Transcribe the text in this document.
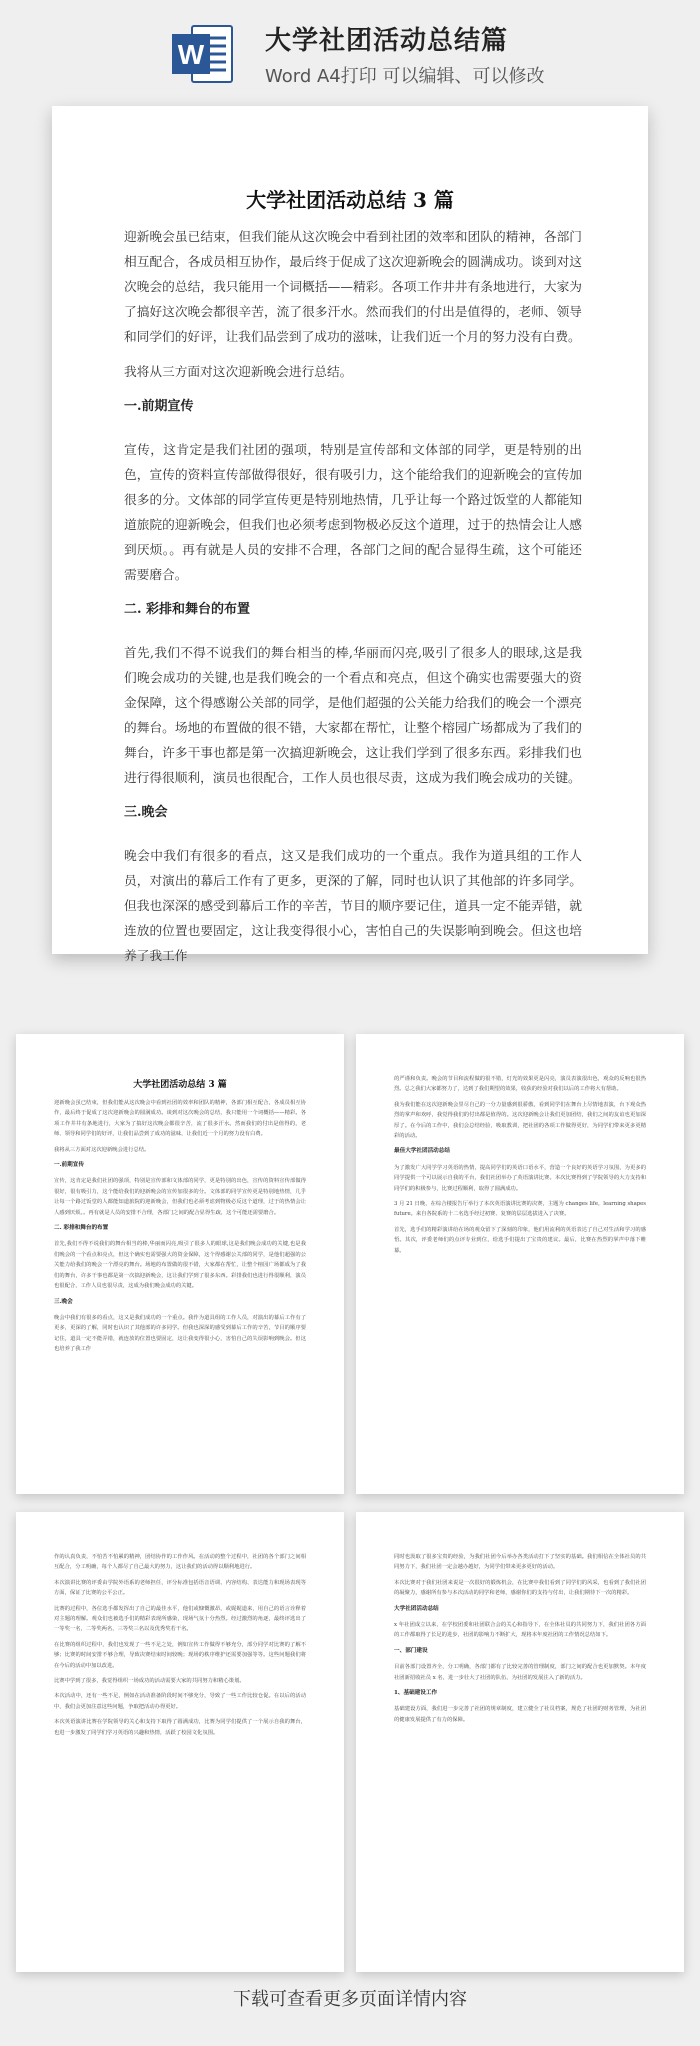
W 大学社团活动总结篇
Word A4打印 可以编辑、可以修改
大学社团活动总结 3 篇

迎新晚会虽已结束，但我们能从这次晚会中看到社团的效率和团队的精神，各部门相互配合，各成员相互协作，最后终于促成了这次迎新晚会的圆满成功。谈到对这次晚会的总结，我只能用一个词概括——精彩。各项工作井井有条地进行，大家为了搞好这次晚会都很辛苦，流了很多汗水。然而我们的付出是值得的，老师、领导和同学们的好评，让我们品尝到了成功的滋味，让我们近一个月的努力没有白费。

我将从三方面对这次迎新晚会进行总结。

一.前期宣传

宣传，这肯定是我们社团的强项，特别是宣传部和文体部的同学，更是特别的出色，宣传的资料宣传部做得很好，很有吸引力，这个能给我们的迎新晚会的宣传加很多的分。文体部的同学宣传更是特别地热情，几乎让每一个路过饭堂的人都能知道旅院的迎新晚会，但我们也必须考虑到物极必反这个道理，过于的热情会让人感到厌烦。。再有就是人员的安排不合理，各部门之间的配合显得生疏，这个可能还需要磨合。

二. 彩排和舞台的布置

首先,我们不得不说我们的舞台相当的棒,华丽而闪亮,吸引了很多人的眼球,这是我们晚会成功的关键,也是我们晚会的一个看点和亮点，但这个确实也需要强大的资金保障，这个得感谢公关部的同学，是他们超强的公关能力给我们的晚会一个漂亮的舞台。场地的布置做的很不错，大家都在帮忙，让整个榕园广场都成为了我们的舞台，许多干事也都是第一次搞迎新晚会，这让我们学到了很多东西。彩排我们也进行得很顺利，演员也很配合，工作人员也很尽责，这成为我们晚会成功的关键。

三.晚会

晚会中我们有很多的看点，这又是我们成功的一个重点。我作为道具组的工作人员，对演出的幕后工作有了更多，更深的了解，同时也认识了其他部的许多同学。但我也深深的感受到幕后工作的辛苦，节目的顺序要记住，道具一定不能弄错，就连放的位置也要固定，这让我变得很小心，害怕自己的失误影响到晚会。但这也培养了我工作

大学社团活动总结 3 篇

迎新晚会虽已结束，但我们能从这次晚会中看到社团的效率和团队的精神，各部门相互配合，各成员相互协作，最后终于促成了这次迎新晚会的圆满成功。谈到对这次晚会的总结，我只能用一个词概括——精彩。各项工作井井有条地进行，大家为了搞好这次晚会都很辛苦，流了很多汗水。然而我们的付出是值得的，老师、领导和同学们的好评，让我们品尝到了成功的滋味，让我们近一个月的努力没有白费。

我将从三方面对这次迎新晚会进行总结。

一.前期宣传

宣传，这肯定是我们社团的强项，特别是宣传部和文体部的同学，更是特别的出色，宣传的资料宣传部做得很好，很有吸引力，这个能给我们的迎新晚会的宣传加很多的分。文体部的同学宣传更是特别地热情，几乎让每一个路过饭堂的人都能知道旅院的迎新晚会，但我们也必须考虑到物极必反这个道理，过于的热情会让人感到厌烦。。再有就是人员的安排不合理，各部门之间的配合显得生疏，这个可能还需要磨合。

二. 彩排和舞台的布置

首先,我们不得不说我们的舞台相当的棒,华丽而闪亮,吸引了很多人的眼球,这是我们晚会成功的关键,也是我们晚会的一个看点和亮点，但这个确实也需要强大的资金保障，这个得感谢公关部的同学，是他们超强的公关能力给我们的晚会一个漂亮的舞台。场地的布置做的很不错，大家都在帮忙，让整个榕园广场都成为了我们的舞台，许多干事也都是第一次搞迎新晚会，这让我们学到了很多东西。彩排我们也进行得很顺利，演员也很配合，工作人员也很尽责，这成为我们晚会成功的关键。

三.晚会

晚会中我们有很多的看点，这又是我们成功的一个重点。我作为道具组的工作人员，对演出的幕后工作有了更多，更深的了解，同时也认识了其他部的许多同学。但我也深深的感受到幕后工作的辛苦，节目的顺序要记住，道具一定不能弄错，就连放的位置也要固定，这让我变得很小心，害怕自己的失误影响到晚会。但这也培养了我工作

的严谨和负责。晚会的节目和流程做的很不错，灯光的效果更是闪亮，演员表演很出色，观众的反响也很热烈。总之我们大家都努力了，达到了我们期望的效果，收获的经验对我们以后的工作将大有帮助。

我为我们能在这次迎新晚会里尽自己的一分力量感到很骄傲，看到同学们在舞台上尽情地表演，台下观众热烈的掌声和欢呼，我觉得我们的付出都是值得的。这次迎新晚会让我们更加团结，我们之间的友谊也更加深厚了。在今后的工作中，我们会总结经验，吸取教训，把社团的各项工作做得更好，为同学们带来更多更精彩的活动。

最佳大学社团活动总结

为了激发广大同学学习英语的热情，提高同学们的英语口语水平，营造一个良好的英语学习氛围，为更多的同学提供一个可以展示自我的平台，我们社团举办了英语演讲比赛。本次比赛得到了学院领导的大力支持和同学们的积极参与，比赛过程顺利，取得了圆满成功。

3 月 21 日晚，在综合楼报告厅举行了本次英语演讲比赛的决赛，主题为 changes life，learning shapes future。来自各院系的十二名选手经过初赛、复赛的层层选拔进入了决赛。

首先，选手们的精彩演讲给在场的观众留下了深刻的印象，他们用流利的英语表达了自己对生活和学习的感悟。其次，评委老师们的点评专业到位，给选手们提出了宝贵的建议。最后，比赛在热烈的掌声中落下帷幕。

作的认真负责，不怕苦不怕累的精神，团结协作的工作作风。在活动的整个过程中，社团的各个部门之间相互配合，分工明确，每个人都尽了自己最大的努力，这让我们的活动得以顺利地进行。

本次演讲比赛的评委由学院外语系的老师担任，评分标准包括语音语调、内容结构、表达能力和现场表现等方面，保证了比赛的公平公正。

比赛的过程中，各位选手都发挥出了自己的最佳水平，他们或慷慨激昂，或娓娓道来，用自己的语言诠释着对主题的理解。观众们也被选手们的精彩表现所感染，现场气氛十分热烈。经过激烈的角逐，最终评选出了一等奖一名，二等奖两名，三等奖三名以及优秀奖若干名。

在比赛的组织过程中，我们也发现了一些不足之处，例如宣传工作做得不够充分，部分同学对比赛的了解不够；比赛的时间安排不够合理，导致决赛结束时间较晚；现场的秩序维护还需要加强等等。这些问题我们将在今后的活动中加以改进。

比赛中学到了很多，我觉得组织一场成功的活动需要大家的共同努力和精心策划。

本次活动中，还有一些不足，例如在活动准备阶段时间不够充分，导致了一些工作比较仓促。在以后的活动中，我们会更加注意这些问题，争取把活动办得更好。

本次英语演讲比赛在学院领导的关心和支持下取得了圆满成功，比赛为同学们提供了一个展示自我的舞台，也进一步激发了同学们学习英语的兴趣和热情，活跃了校园文化氛围。

同时也汲取了很多宝贵的经验，为我们社团今后举办各类活动打下了坚实的基础。我们相信在全体社员的共同努力下，我们社团一定会越办越好，为同学们带来更多更好的活动。

本次比赛对于我们社团来说是一次很好的锻炼机会，在比赛中我们看到了同学们的风采，也看到了我们社团的凝聚力，感谢所有参与本次活动的同学和老师，感谢你们的支持与付出，让我们期待下一次的精彩。

大学社团活动总结

x 年社团成立以来，在学校团委和社团联合会的关心和指导下，在全体社员的共同努力下，我们社团各方面的工作都取得了长足的进步，社团的影响力不断扩大，现将本年度社团的工作情况总结如下。

一、部门建设

目前各部门设置齐全，分工明确，各部门都有了比较完善的管理制度，部门之间的配合也更加默契。本年度社团新招收社员 x 名，进一步壮大了社团的队伍，为社团的发展注入了新的活力。

1、基础建设工作

基础建设方面，我们进一步完善了社团的规章制度，建立健全了社员档案，规范了社团的财务管理，为社团的健康发展提供了有力的保障。

下载可查看更多页面详情内容
